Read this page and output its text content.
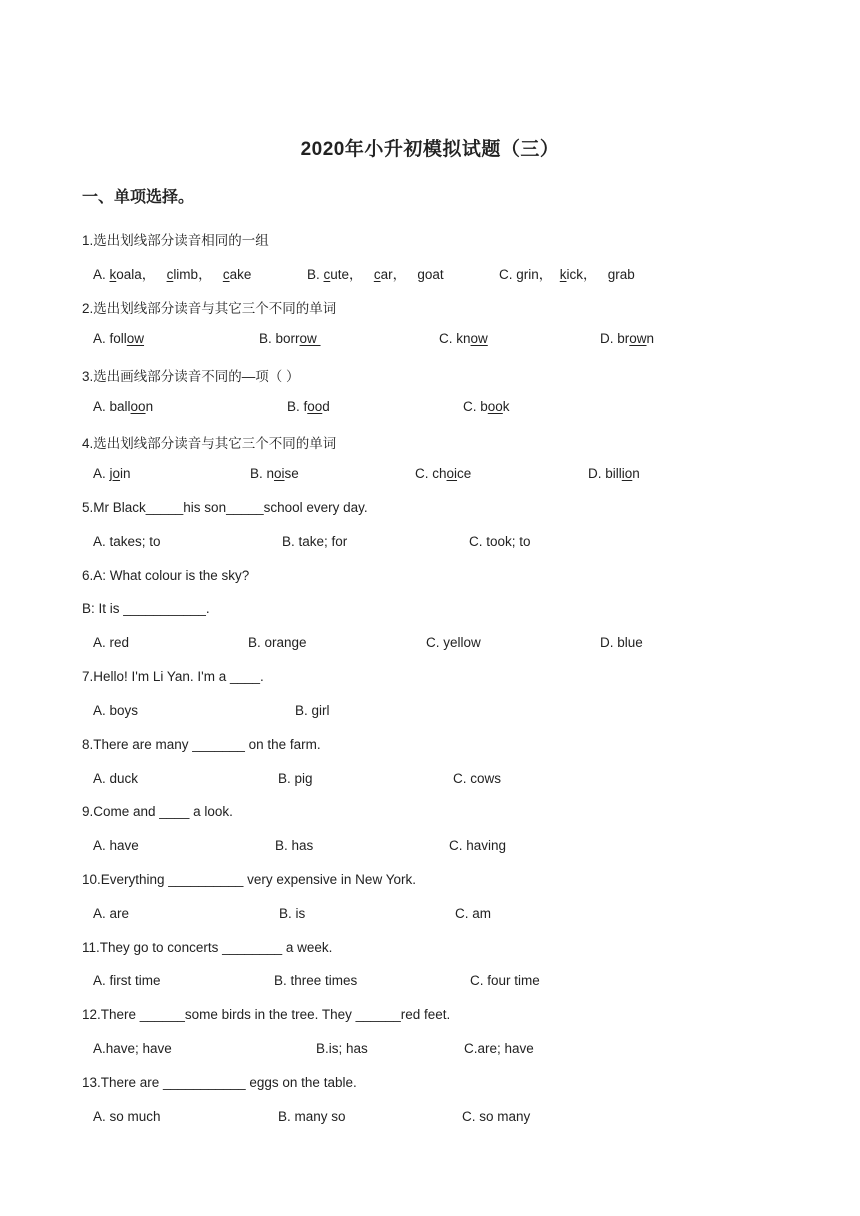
2020年小升初模拟试题（三）
一、单项选择。
1.选出划线部分读音相同的一组
A. koala， climb， cake	B. cute， car， goat	C. grin， kick， grab
2.选出划线部分读音与其它三个不同的单词
A. follow	B. borrow	C. know	D. brown
3.选出画线部分读音不同的—项（ ）
A. balloon	B. food	C. book
4.选出划线部分读音与其它三个不同的单词
A. join	B. noise	C. choice	D. billion
5.Mr Black_____his son_____school every day.
A. takes; to	B. take; for	C. took; to
6.A: What colour is the sky?
B: It is ___________.
A. red	B. orange	C. yellow	D. blue
7.Hello! I'm Li Yan. I'm a ____.
A. boys	B. girl
8.There are many _______ on the farm.
A. duck	B. pig	C. cows
9.Come and ____ a look.
A. have	B. has	C. having
10.Everything __________ very expensive in New York.
A. are	B. is	C. am
11.They go to concerts ________ a week.
A. first time	B. three times	C. four time
12.There ______some birds in the tree. They ______red feet.
A.have; have	B.is; has	C.are; have
13.There are ___________ eggs on the table.
A. so much	B. many so	C. so many
